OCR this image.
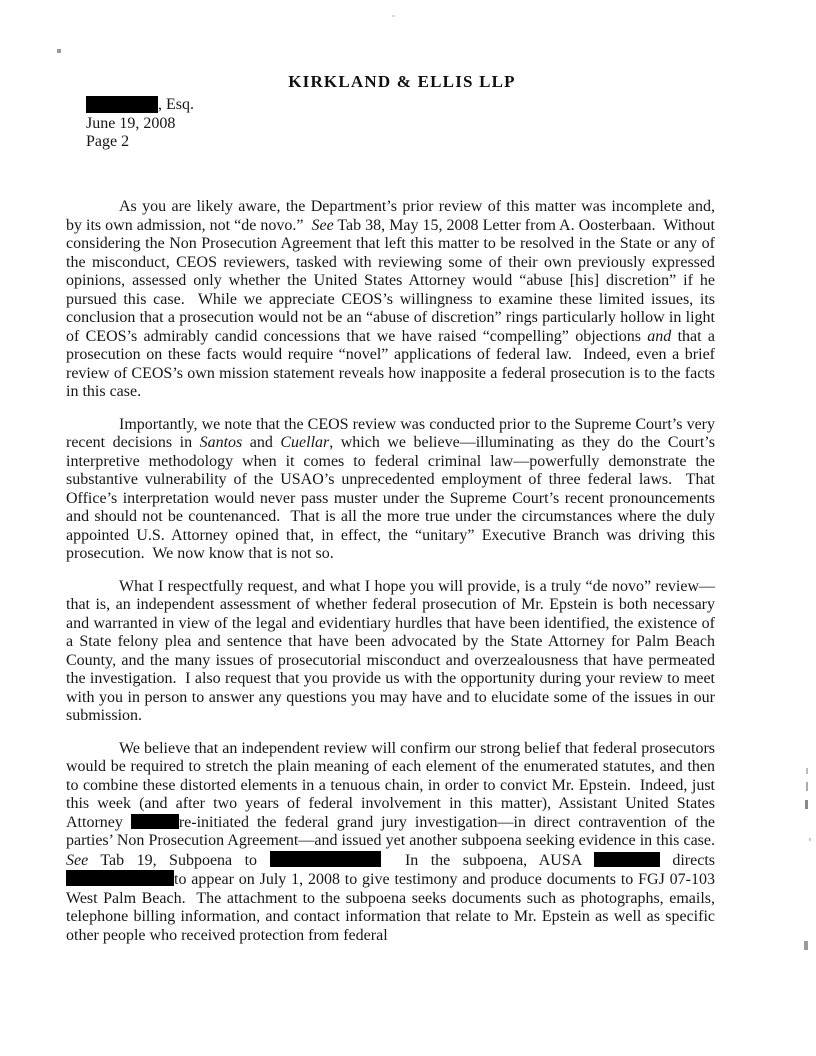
KIRKLAND & ELLIS LLP
, Esq.
June 19, 2008
Page 2

As you are likely aware, the Department’s prior review of this matter was incomplete and, by its own admission, not “de novo.”  See Tab 38, May 15, 2008 Letter from A. Oosterbaan.  Without considering the Non Prosecution Agreement that left this matter to be resolved in the State or any of the misconduct, CEOS reviewers, tasked with reviewing some of their own previously expressed opinions, assessed only whether the United States Attorney would “abuse [his] discretion” if he pursued this case.  While we appreciate CEOS’s willingness to examine these limited issues, its conclusion that a prosecution would not be an “abuse of discretion” rings particularly hollow in light of CEOS’s admirably candid concessions that we have raised “compelling” objections and that a prosecution on these facts would require “novel” applications of federal law.  Indeed, even a brief review of CEOS’s own mission statement reveals how inapposite a federal prosecution is to the facts in this case.

Importantly, we note that the CEOS review was conducted prior to the Supreme Court’s very recent decisions in Santos and Cuellar, which we believe—illuminating as they do the Court’s interpretive methodology when it comes to federal criminal law—powerfully demonstrate the substantive vulnerability of the USAO’s unprecedented employment of three federal laws.  That Office’s interpretation would never pass muster under the Supreme Court’s recent pronouncements and should not be countenanced.  That is all the more true under the circumstances where the duly appointed U.S. Attorney opined that, in effect, the “unitary” Executive Branch was driving this prosecution.  We now know that is not so.

What I respectfully request, and what I hope you will provide, is a truly “de novo” review—that is, an independent assessment of whether federal prosecution of Mr. Epstein is both necessary and warranted in view of the legal and evidentiary hurdles that have been identified, the existence of a State felony plea and sentence that have been advocated by the State Attorney for Palm Beach County, and the many issues of prosecutorial misconduct and overzealousness that have permeated the investigation.  I also request that you provide us with the opportunity during your review to meet with you in person to answer any questions you may have and to elucidate some of the issues in our submission.

We believe that an independent review will confirm our strong belief that federal prosecutors would be required to stretch the plain meaning of each element of the enumerated statutes, and then to combine these distorted elements in a tenuous chain, in order to convict Mr. Epstein.  Indeed, just this week (and after two years of federal involvement in this matter), Assistant United States Attorney	re-initiated the federal grand jury investigation—in direct contravention of the parties’ Non Prosecution Agreement—and issued yet another subpoena seeking evidence in this case.  See Tab 19, Subpoena to	In the subpoena, AUSA	directs to appear on July 1, 2008 to give testimony and produce documents to FGJ 07-103 West Palm Beach.  The attachment to the subpoena seeks documents such as photographs, emails, telephone billing information, and contact information that relate to Mr. Epstein as well as specific other people who received protection from federal
